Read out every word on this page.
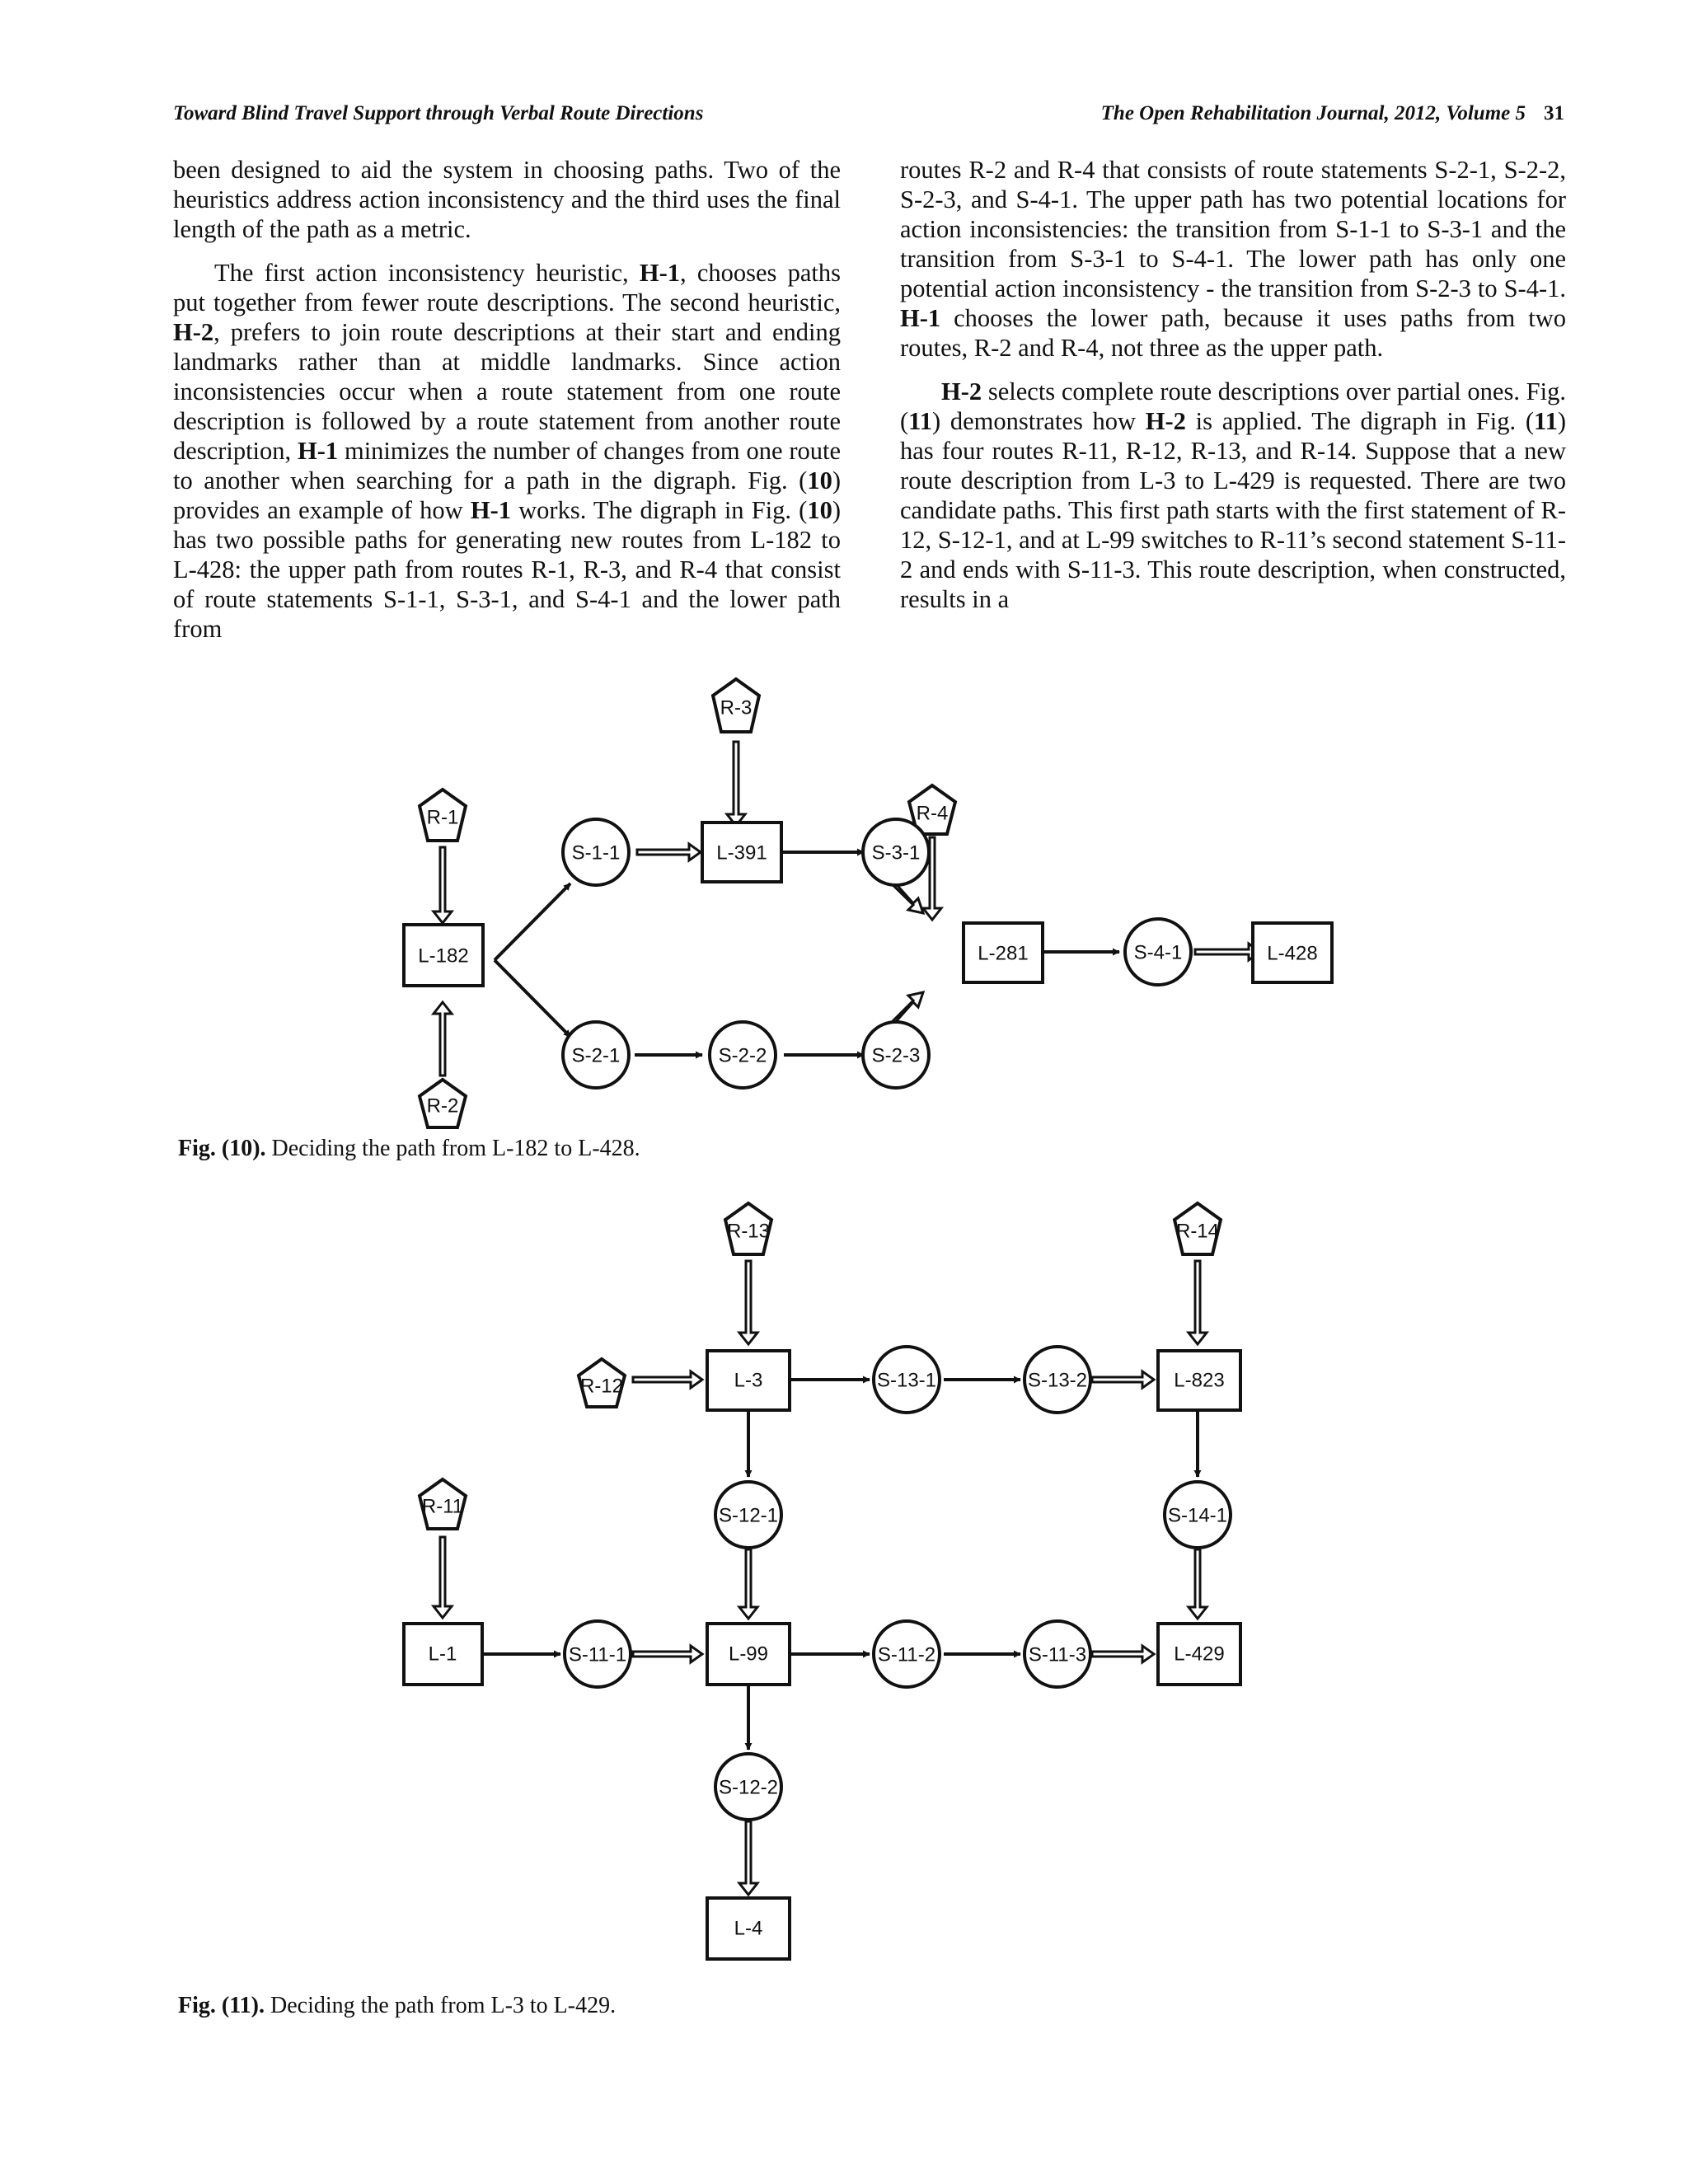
Toward Blind Travel Support through Verbal Route Directions	The Open Rehabilitation Journal, 2012, Volume 5 31

been designed to aid the system in choosing paths. Two of the heuristics address action inconsistency and the third uses the final length of the path as a metric.

The first action inconsistency heuristic, H-1, chooses paths put together from fewer route descriptions. The second heuristic, H-2, prefers to join route descriptions at their start and ending landmarks rather than at middle landmarks. Since action inconsistencies occur when a route statement from one route description is followed by a route statement from another route description, H-1 minimizes the number of changes from one route to another when searching for a path in the digraph. Fig. (10) provides an example of how H-1 works. The digraph in Fig. (10) has two possible paths for generating new routes from L-182 to L-428: the upper path from routes R-1, R-3, and R-4 that consist of route statements S-1-1, S-3-1, and S-4-1 and the lower path from

routes R-2 and R-4 that consists of route statements S-2-1, S-2-2, S-2-3, and S-4-1. The upper path has two potential locations for action inconsistencies: the transition from S-1-1 to S-3-1 and the transition from S-3-1 to S-4-1. The lower path has only one potential action inconsistency - the transition from S-2-3 to S-4-1. H-1 chooses the lower path, because it uses paths from two routes, R-2 and R-4, not three as the upper path.

H-2 selects complete route descriptions over partial ones. Fig. (11) demonstrates how H-2 is applied. The digraph in Fig. (11) has four routes R-11, R-12, R-13, and R-14. Suppose that a new route description from L-3 to L-429 is requested. There are two candidate paths. This first path starts with the first statement of R-12, S-12-1, and at L-99 switches to R-11’s second statement S-11-2 and ends with S-11-3. This route description, when constructed, results in a

R-1
R-2
R-3
R-4
S-1-1	S-3-1
S-2-1	S-2-2	S-2-3
S-4-1
L-182
L-391
L-281	L-428
Fig. (10). Deciding the path from L-182 to L-428.
R-13	R-14
R-12
R-11
S-13-1	S-13-2
S-12-1	S-14-1
S-11-1	S-11-2	S-11-3
S-12-2
L-3	L-823
L-1	L-99	L-429
L-4
Fig. (11). Deciding the path from L-3 to L-429.
